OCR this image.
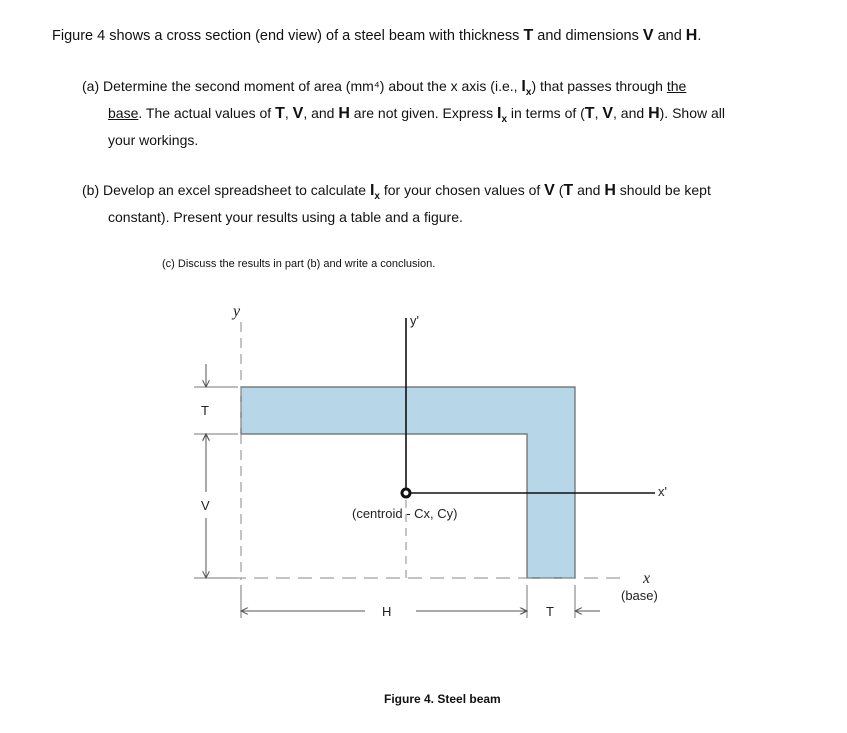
Figure 4 shows a cross section (end view) of a steel beam with thickness T and dimensions V and H.
(a) Determine the second moment of area (mm⁴) about the x axis (i.e., $I_x$) that passes through the
base. The actual values of T, V, and H are not given. Express $I_x$ in terms of (T, V, and H). Show all
your workings.
(b) Develop an excel spreadsheet to calculate $I_x$ for your chosen values of V (T and H should be kept
constant). Present your results using a table and a figure.
(c) Discuss the results in part (b) and write a conclusion.
y
x
(base)
y'
x'
(centroid - Cx, Cy)
T
V
H	T
Figure 4. Steel beam
